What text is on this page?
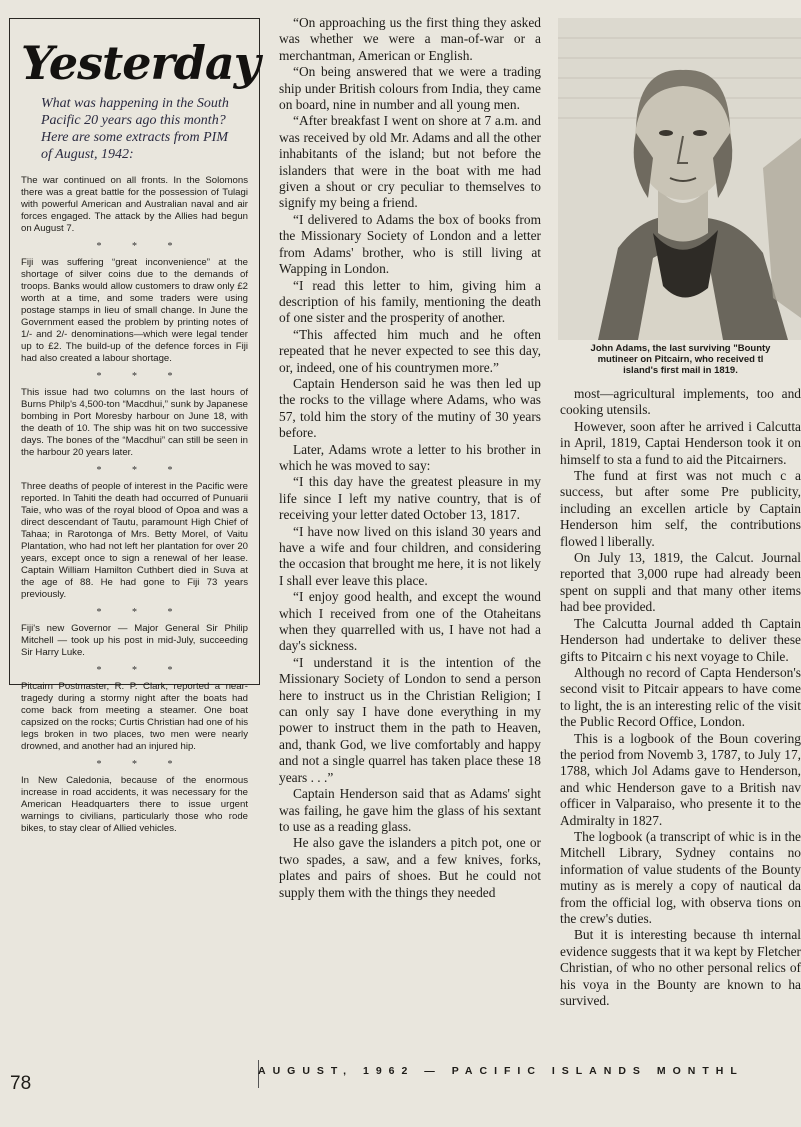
Yesterday
What was happening in the South Pacific 20 years ago this month? Here are some extracts from PIM of August, 1942:
The war continued on all fronts. In the Solomons there was a great battle for the possession of Tulagi with powerful American and Australian naval and air forces engaged. The attack by the Allies had begun on August 7.
* * *
Fiji was suffering “great inconvenience” at the shortage of silver coins due to the demands of troops. Banks would allow customers to draw only £2 worth at a time, and some traders were using postage stamps in lieu of small change. In June the Government eased the problem by printing notes of 1/- and 2/- denominations—which were legal tender up to £2. The build-up of the defence forces in Fiji had also created a labour shortage.
* * *
This issue had two columns on the last hours of Burns Philp's 4,500-ton “Macdhui,” sunk by Japanese bombing in Port Moresby harbour on June 18, with the death of 10. The ship was hit on two successive days. The bones of the “Macdhui” can still be seen in the harbour 20 years later.
* * *
Three deaths of people of interest in the Pacific were reported. In Tahiti the death had occurred of Punuarii Taie, who was of the royal blood of Opoa and was a direct descendant of Tautu, paramount High Chief of Tahaa; in Rarotonga of Mrs. Betty Morel, of Vaitu Plantation, who had not left her plantation for over 20 years, except once to sign a renewal of her lease. Captain William Hamilton Cuthbert died in Suva at the age of 88. He had gone to Fiji 73 years previously.
* * *
Fiji's new Governor — Major General Sir Philip Mitchell — took up his post in mid-July, succeeding Sir Harry Luke.
* * *
Pitcairn Postmaster, R. P. Clark, reported a near-tragedy during a stormy night after the boats had come back from meeting a steamer. One boat capsized on the rocks; Curtis Christian had one of his legs broken in two places, two men were nearly drowned, and another had an injured hip.
* * *
In New Caledonia, because of the enormous increase in road accidents, it was necessary for the American Headquarters there to issue urgent warnings to civilians, particularly those who rode bikes, to stay clear of Allied vehicles.

“On approaching us the first thing they asked was whether we were a man-of-war or a merchantman, American or English.

“On being answered that we were a trading ship under British colours from India, they came on board, nine in number and all young men.

“After breakfast I went on shore at 7 a.m. and was received by old Mr. Adams and all the other inhabitants of the island; but not before the islanders that were in the boat with me had given a shout or cry peculiar to themselves to signify my being a friend.

“I delivered to Adams the box of books from the Missionary Society of London and a letter from Adams' brother, who is still living at Wapping in London.

“I read this letter to him, giving him a description of his family, mentioning the death of one sister and the prosperity of another.

“This affected him much and he often repeated that he never expected to see this day, or, indeed, one of his countrymen more.”

Captain Henderson said he was then led up the rocks to the village where Adams, who was 57, told him the story of the mutiny of 30 years before.

Later, Adams wrote a letter to his brother in which he was moved to say:

“I this day have the greatest pleasure in my life since I left my native country, that is of receiving your letter dated October 13, 1817.

“I have now lived on this island 30 years and have a wife and four children, and considering the occasion that brought me here, it is not likely I shall ever leave this place.

“I enjoy good health, and except the wound which I received from one of the Otaheitans when they quarrelled with us, I have not had a day's sickness.

“I understand it is the intention of the Missionary Society of London to send a person here to instruct us in the Christian Religion; I can only say I have done everything in my power to instruct them in the path to Heaven, and, thank God, we live comfortably and happy and not a single quarrel has taken place these 18 years . . .”

Captain Henderson said that as Adams' sight was failing, he gave him the glass of his sextant to use as a reading glass.

He also gave the islanders a pitch pot, one or two spades, a saw, and a few knives, forks, plates and pairs of shoes. But he could not supply them with the things they needed

John Adams, the last surviving "Bounty
mutineer on Pitcairn, who received tl
island's first mail in 1819.

most—agricultural implements, too and cooking utensils.

However, soon after he arrived i Calcutta in April, 1819, Captai Henderson took it on himself to sta a fund to aid the Pitcairners.

The fund at first was not much c a success, but after some Pre publicity, including an excellen article by Captain Henderson him self, the contributions flowed l liberally.

On July 13, 1819, the Calcut. Journal reported that 3,000 rupe had already been spent on suppli and that many other items had bee provided.

The Calcutta Journal added th Captain Henderson had undertake to deliver these gifts to Pitcairn c his next voyage to Chile.

Although no record of Capta Henderson's second visit to Pitcair appears to have come to light, the is an interesting relic of the visit the Public Record Office, London.

This is a logbook of the Boun covering the period from Novemb 3, 1787, to July 17, 1788, which Jol Adams gave to Henderson, and whic Henderson gave to a British nav officer in Valparaiso, who presente it to the Admiralty in 1827.

The logbook (a transcript of whic is in the Mitchell Library, Sydney contains no information of value students of the Bounty mutiny as is merely a copy of nautical da from the official log, with observa tions on the crew's duties.

But it is interesting because th internal evidence suggests that it wa kept by Fletcher Christian, of who no other personal relics of his voya in the Bounty are known to ha survived.

78
AUGUST, 1962 — PACIFIC ISLANDS MONTHL
